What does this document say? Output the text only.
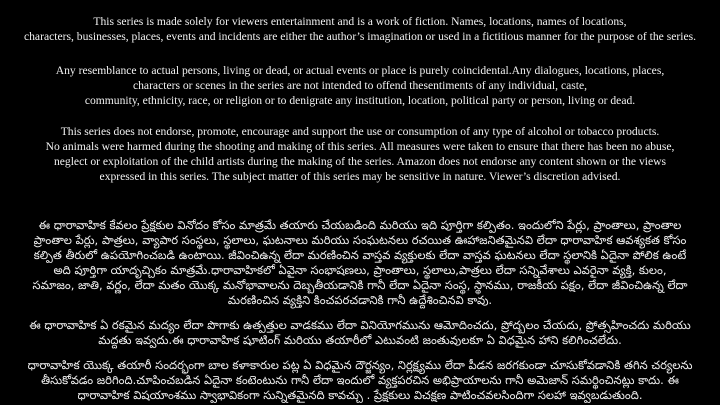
This series is made solely for viewers entertainment and is a work of fiction. Names, locations, names of locations,
characters, businesses, places, events and incidents are either the author’s imagination or used in a fictitious manner for the purpose of the series.
Any resemblance to actual persons, living or dead, or actual events or place is purely coincidental.Any dialogues, locations, places,
characters or scenes in the series are not intended to offend thesentiments of any individual, caste,
community, ethnicity, race, or religion or to denigrate any institution, location, political party or person, living or dead.
This series does not endorse, promote, encourage and support the use or consumption of any type of alcohol or tobacco products.
No animals were harmed during the shooting and making of this series. All measures were taken to ensure that there has been no abuse,
neglect or exploitation of the child artists during the making of the series. Amazon does not endorse any content shown or the views
expressed in this series. The subject matter of this series may be sensitive in nature. Viewer’s discretion advised.
ఈ ధారావాహిక కేవలం ప్రేక్షకుల వినోదం కోసం మాత్రమే తయారు చేయబడింది మరియు ఇది పూర్తిగా కల్పితం. ఇందులోని పేర్లు, ప్రాంతాలు, ప్రాంతాల
ప్రాంతాల పేర్లు, పాత్రలు, వ్యాపార సంస్థలు, స్థలాలు, ఘటనాలు మరియు సంఘటనలు రచయిత ఊహాజనితమైనవి లేదా ధారావాహిక ఆవశ్యకత కోసం
కల్పిత తీరులో ఉపయోగించబడి ఉంటాయి. జీవించిఉన్న లేదా మరణించిన వాస్తవ వ్యక్తులకు లేదా వాస్తవ ఘటనలు లేదా స్థలానికి ఏదైనా పోలిక ఉంటే
అది పూర్తిగా యాదృచ్చికం మాత్రమే.ధారావాహికలో ఏవైనా సంభాషణలు, ప్రాంతాలు, స్థలాలు,పాత్రలు లేదా సన్నివేశాలు ఎవరైనా వ్యక్తి, కులం,
సమాజం, జాతి, వర్ణం, లేదా మతం యొక్క మనోభావాలను దెబ్బతీయడానికి గానీ లేదా ఏదైనా సంస్థ, స్థానము, రాజకీయ పక్షం, లేదా జీవించిఉన్న లేదా
మరణించిన వ్యక్తిని కించపరచడానికి గానీ ఉద్దేశించినవి కావు.
ఈ ధారావాహిక ఏ రకమైన మద్యం లేదా పొగాకు ఉత్పత్తుల వాడకము లేదా వినియోగమును ఆమోదించదు, ప్రోద్బలం చేయదు, ప్రోత్సహించదు మరియు
మద్దతు ఇవ్వదు.ఈ ధారావాహిక షూటింగ్ మరియు తయారీలో ఎటువంటి జంతువులకూ ఏ విధమైన హాని కలిగించలేదు.
ధారావాహిక యొక్క తయారీ సందర్భంగా బాల కళాకారుల పట్ల ఏ విధమైన దౌర్జన్యం, నిర్లక్ష్యము లేదా పీడన జరగకుండా చూసుకోవడానికి తగిన చర్యలను
తీసుకోవడం జరిగింది.చూపించబడిన ఏదైనా కంటెంటును గానీ లేదా ఇందులో వ్యక్తపరచిన అభిప్రాయాలను గానీ అమెజాన్ సమర్థించినట్లు కాదు. ఈ
ధారావాహిక విషయాంశము స్వాభావికంగా సున్నితమైనది కావచ్చు . ప్రేక్షకులు విచక్షణ పాటించవలసిందిగా సలహా ఇవ్వబడుతుంది.
